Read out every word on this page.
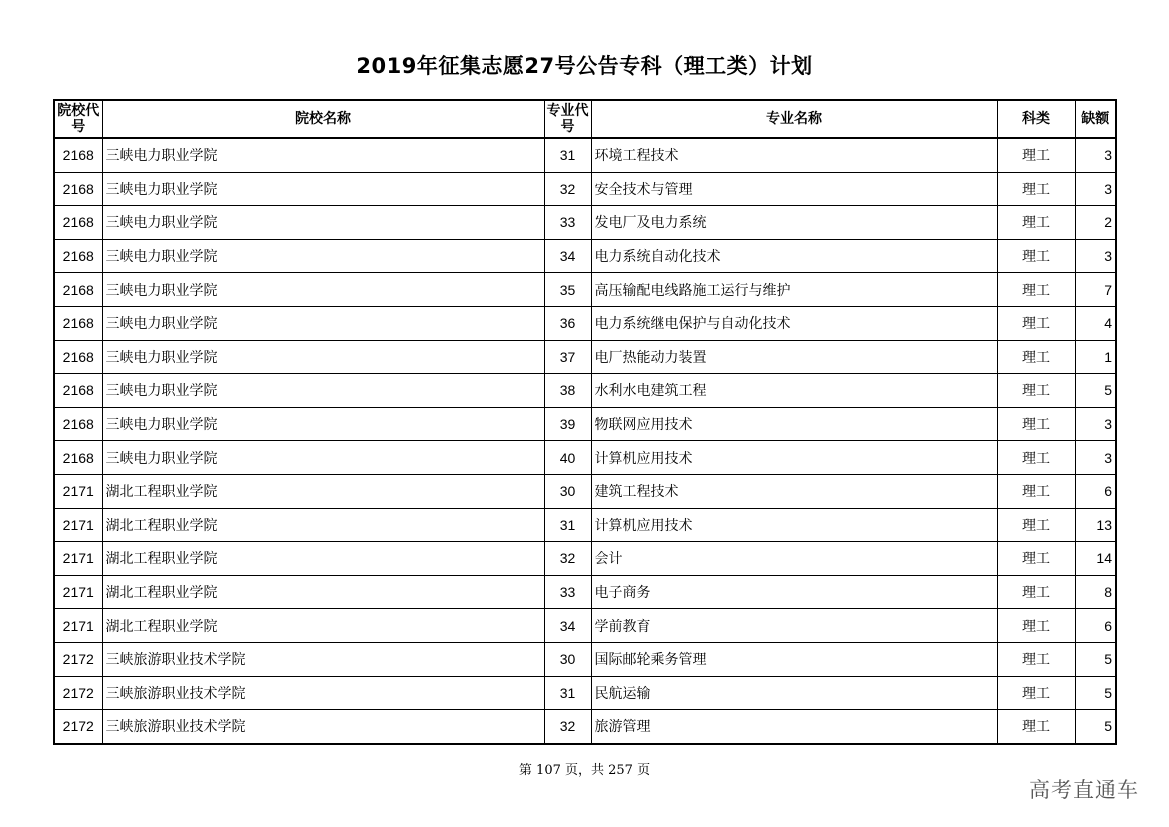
2019年征集志愿27号公告专科（理工类）计划
院校代号	院校名称	专业代号	专业名称	科类	缺额
2168	三峡电力职业学院	31	环境工程技术	理工	3
2168	三峡电力职业学院	32	安全技术与管理	理工	3
2168	三峡电力职业学院	33	发电厂及电力系统	理工	2
2168	三峡电力职业学院	34	电力系统自动化技术	理工	3
2168	三峡电力职业学院	35	高压输配电线路施工运行与维护	理工	7
2168	三峡电力职业学院	36	电力系统继电保护与自动化技术	理工	4
2168	三峡电力职业学院	37	电厂热能动力装置	理工	1
2168	三峡电力职业学院	38	水利水电建筑工程	理工	5
2168	三峡电力职业学院	39	物联网应用技术	理工	3
2168	三峡电力职业学院	40	计算机应用技术	理工	3
2171	湖北工程职业学院	30	建筑工程技术	理工	6
2171	湖北工程职业学院	31	计算机应用技术	理工	13
2171	湖北工程职业学院	32	会计	理工	14
2171	湖北工程职业学院	33	电子商务	理工	8
2171	湖北工程职业学院	34	学前教育	理工	6
2172	三峡旅游职业技术学院	30	国际邮轮乘务管理	理工	5
2172	三峡旅游职业技术学院	31	民航运输	理工	5
2172	三峡旅游职业技术学院	32	旅游管理	理工	5
第 107 页，共 257 页
高考直通车
